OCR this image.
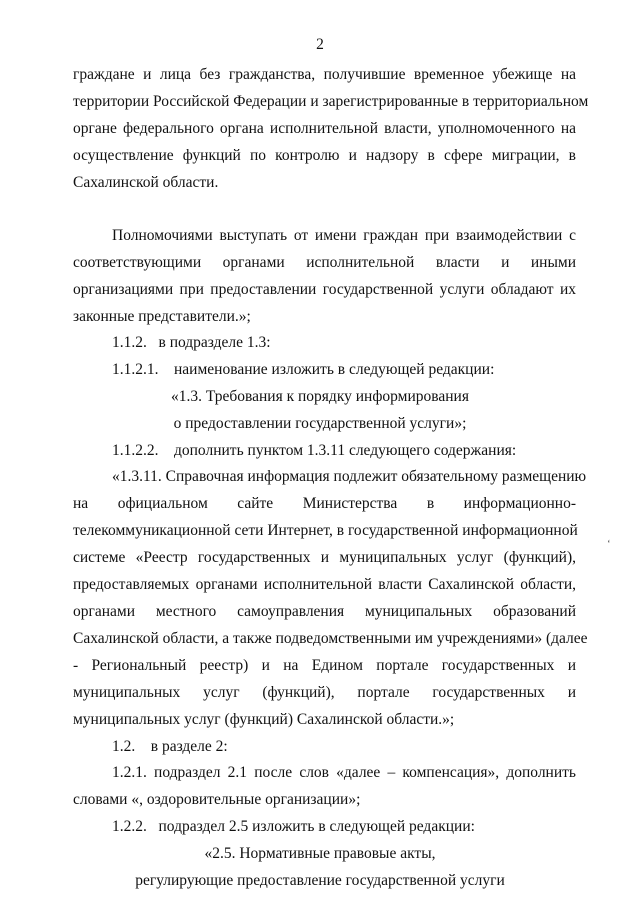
2
граждане и лица без гражданства, получившие временное убежище на
территории Российской Федерации и зарегистрированные в территориальном
органе федерального органа исполнительной власти, уполномоченного на
осуществление функций по контролю и надзору в сфере миграции, в
Сахалинской области.
Полномочиями выступать от имени граждан при взаимодействии с
соответствующими органами исполнительной власти и иными
организациями при предоставлении государственной услуги обладают их
законные представители.»;
1.1.2.   в подразделе 1.3:
1.1.2.1.    наименование изложить в следующей редакции:
«1.3. Требования к порядку информирования
о предоставлении государственной услуги»;
1.1.2.2.    дополнить пунктом 1.3.11 следующего содержания:
«1.3.11. Справочная информация подлежит обязательному размещению
на официальном сайте Министерства в информационно-
телекоммуникационной сети Интернет, в государственной информационной
системе «Реестр государственных и муниципальных услуг (функций),
предоставляемых органами исполнительной власти Сахалинской области,
органами местного самоуправления муниципальных образований
Сахалинской области, а также подведомственными им учреждениями» (далее
- Региональный реестр) и на Едином портале государственных и
муниципальных услуг (функций), портале государственных и
муниципальных услуг (функций) Сахалинской области.»;
1.2.    в разделе 2:
1.2.1. подраздел 2.1 после слов «далее – компенсация», дополнить
словами «, оздоровительные организации»;
1.2.2.   подраздел 2.5 изложить в следующей редакции:
«2.5. Нормативные правовые акты,
регулирующие предоставление государственной услуги
‘
